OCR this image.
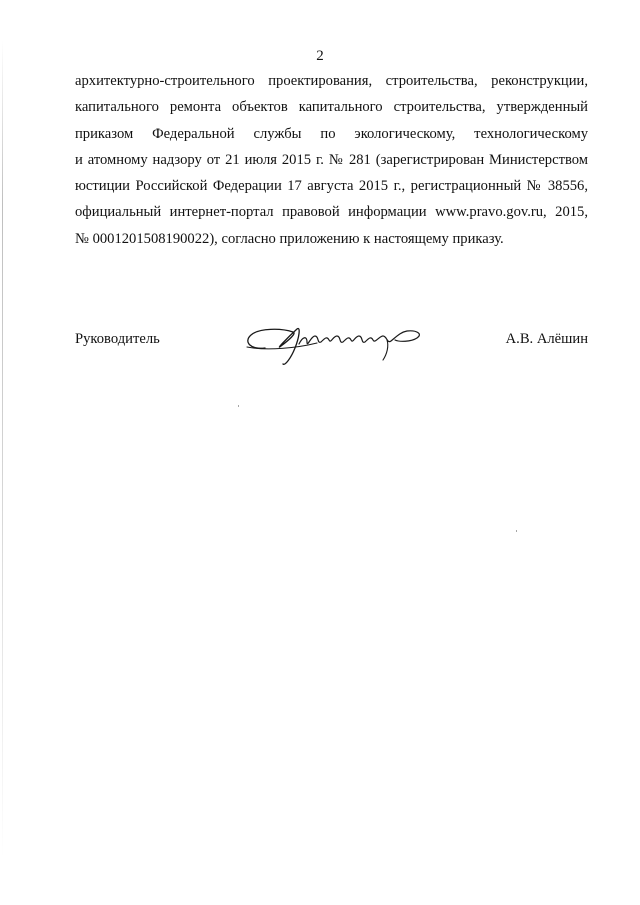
2
архитектурно-строительного проектирования, строительства, реконструкции,
капитального ремонта объектов капитального строительства, утвержденный
приказом Федеральной службы по экологическому, технологическому
и атомному надзору от 21 июля 2015 г. № 281 (зарегистрирован Министерством
юстиции Российской Федерации 17 августа 2015 г., регистрационный № 38556,
официальный интернет-портал правовой информации www.pravo.gov.ru, 2015,
№ 0001201508190022), согласно приложению к настоящему приказу.
Руководитель	А.В. Алёшин
